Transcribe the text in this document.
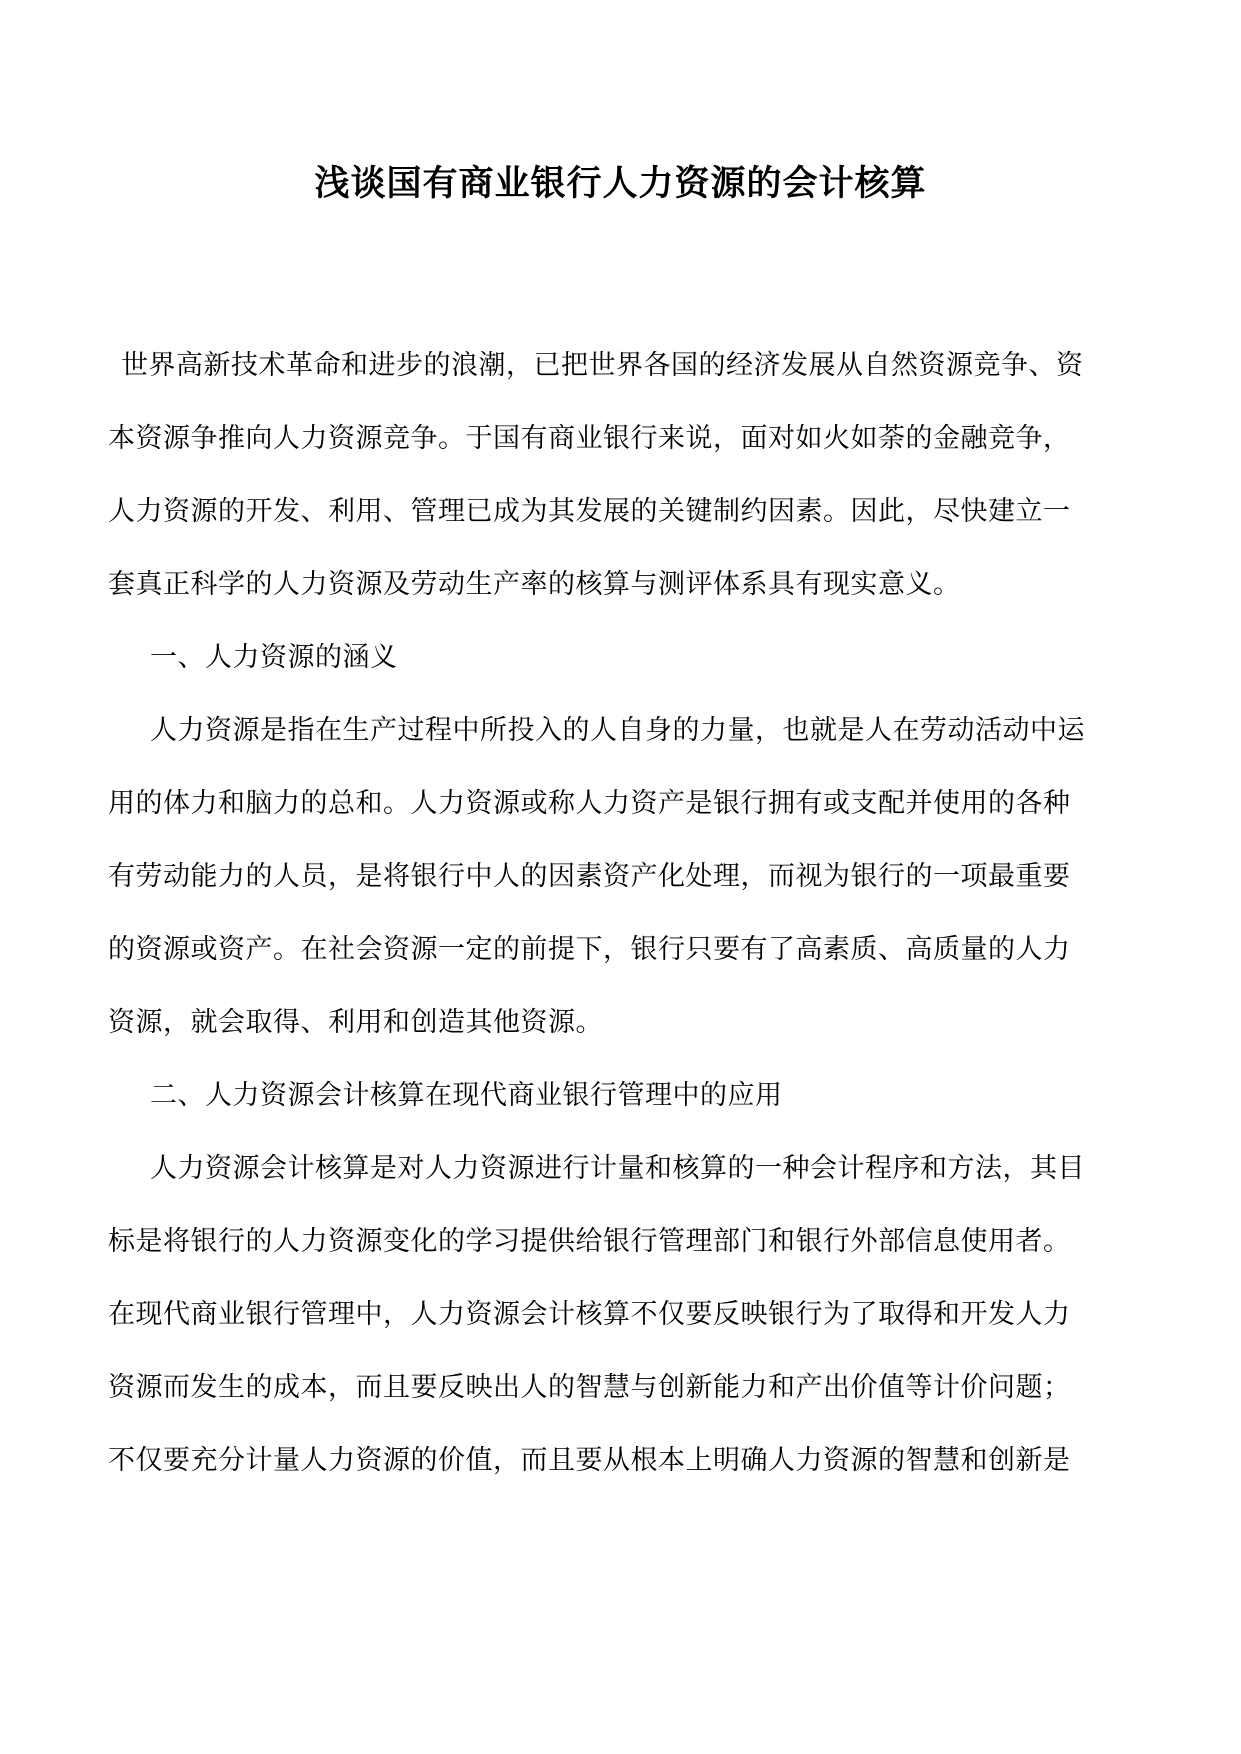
浅谈国有商业银行人力资源的会计核算
世界高新技术革命和进步的浪潮，已把世界各国的经济发展从自然资源竞争、资
本资源争推向人力资源竞争。于国有商业银行来说，面对如火如荼的金融竞争，
人力资源的开发、利用、管理已成为其发展的关键制约因素。因此，尽快建立一
套真正科学的人力资源及劳动生产率的核算与测评体系具有现实意义。
一、人力资源的涵义
人力资源是指在生产过程中所投入的人自身的力量，也就是人在劳动活动中运
用的体力和脑力的总和。人力资源或称人力资产是银行拥有或支配并使用的各种
有劳动能力的人员，是将银行中人的因素资产化处理，而视为银行的一项最重要
的资源或资产。在社会资源一定的前提下，银行只要有了高素质、高质量的人力
资源，就会取得、利用和创造其他资源。
二、人力资源会计核算在现代商业银行管理中的应用
人力资源会计核算是对人力资源进行计量和核算的一种会计程序和方法，其目
标是将银行的人力资源变化的学习提供给银行管理部门和银行外部信息使用者。
在现代商业银行管理中，人力资源会计核算不仅要反映银行为了取得和开发人力
资源而发生的成本，而且要反映出人的智慧与创新能力和产出价值等计价问题；
不仅要充分计量人力资源的价值，而且要从根本上明确人力资源的智慧和创新是
